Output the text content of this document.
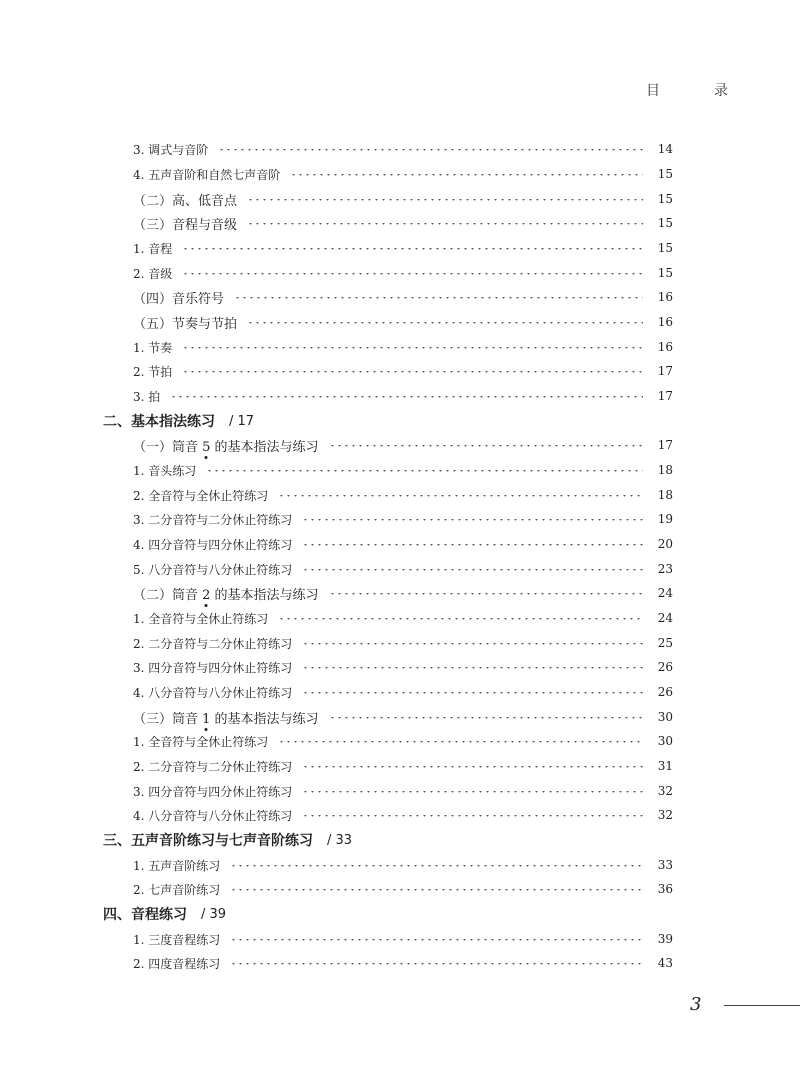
目　录
3. 调式与音阶	14
4. 五声音阶和自然七声音阶	15
（二）高、低音点	15
（三）音程与音级	15
1. 音程	15
2. 音级	15
（四）音乐符号	16
（五）节奏与节拍	16
1. 节奏	16
2. 节拍	17
3. 拍	17
二、基本指法练习	/ 17
（一）筒音 5 的基本指法与练习	17
1. 音头练习	18
2. 全音符与全休止符练习	18
3. 二分音符与二分休止符练习	19
4. 四分音符与四分休止符练习	20
5. 八分音符与八分休止符练习	23
（二）筒音 2 的基本指法与练习	24
1. 全音符与全休止符练习	24
2. 二分音符与二分休止符练习	25
3. 四分音符与四分休止符练习	26
4. 八分音符与八分休止符练习	26
（三）筒音 1 的基本指法与练习	30
1. 全音符与全休止符练习	30
2. 二分音符与二分休止符练习	31
3. 四分音符与四分休止符练习	32
4. 八分音符与八分休止符练习	32
三、五声音阶练习与七声音阶练习	/ 33
1. 五声音阶练习	33
2. 七声音阶练习	36
四、音程练习	/ 39
1. 三度音程练习	39
2. 四度音程练习	43
3
